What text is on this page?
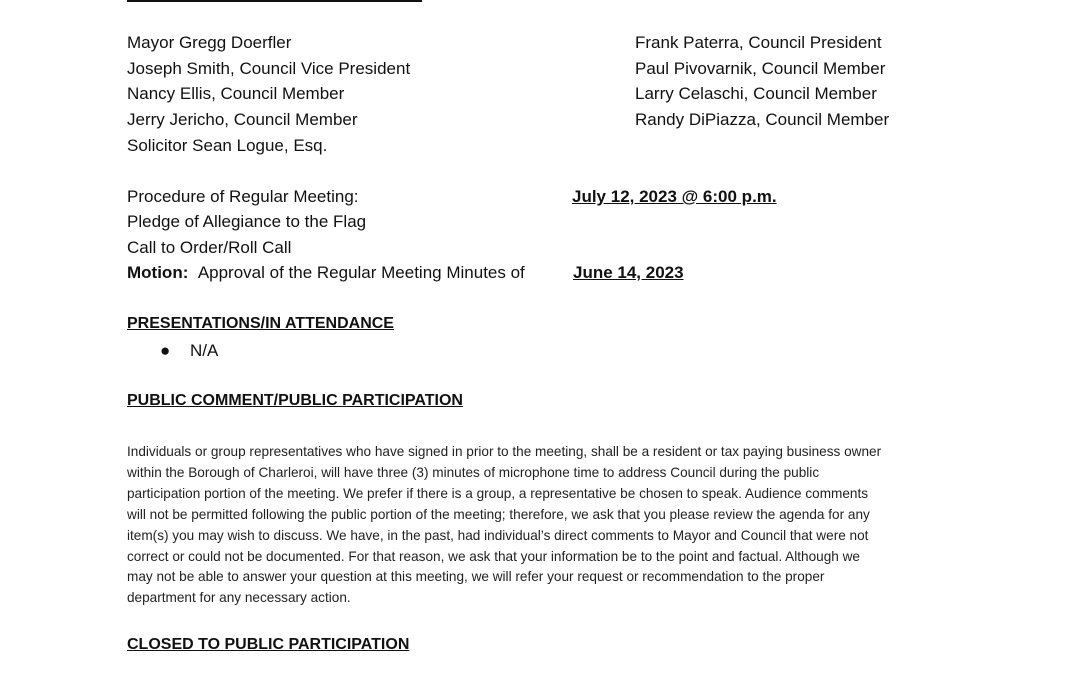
Mayor Gregg Doerfler
Joseph Smith, Council Vice President
Nancy Ellis, Council Member
Jerry Jericho, Council Member
Solicitor Sean Logue, Esq.
Frank Paterra, Council President
Paul Pivovarnik, Council Member
Larry Celaschi, Council Member
Randy DiPiazza, Council Member
Procedure of Regular Meeting:	July 12, 2023 @ 6:00 p.m.
Pledge of Allegiance to the Flag
Call to Order/Roll Call
Motion: Approval of the Regular Meeting Minutes of	June 14, 2023
PRESENTATIONS/IN ATTENDANCE
● N/A
PUBLIC COMMENT/PUBLIC PARTICIPATION
Individuals or group representatives who have signed in prior to the meeting, shall be a resident or tax paying business owner
within the Borough of Charleroi, will have three (3) minutes of microphone time to address Council during the public
participation portion of the meeting. We prefer if there is a group, a representative be chosen to speak. Audience comments
will not be permitted following the public portion of the meeting; therefore, we ask that you please review the agenda for any
item(s) you may wish to discuss. We have, in the past, had individual’s direct comments to Mayor and Council that were not
correct or could not be documented. For that reason, we ask that your information be to the point and factual. Although we
may not be able to answer your question at this meeting, we will refer your request or recommendation to the proper
department for any necessary action.
CLOSED TO PUBLIC PARTICIPATION
